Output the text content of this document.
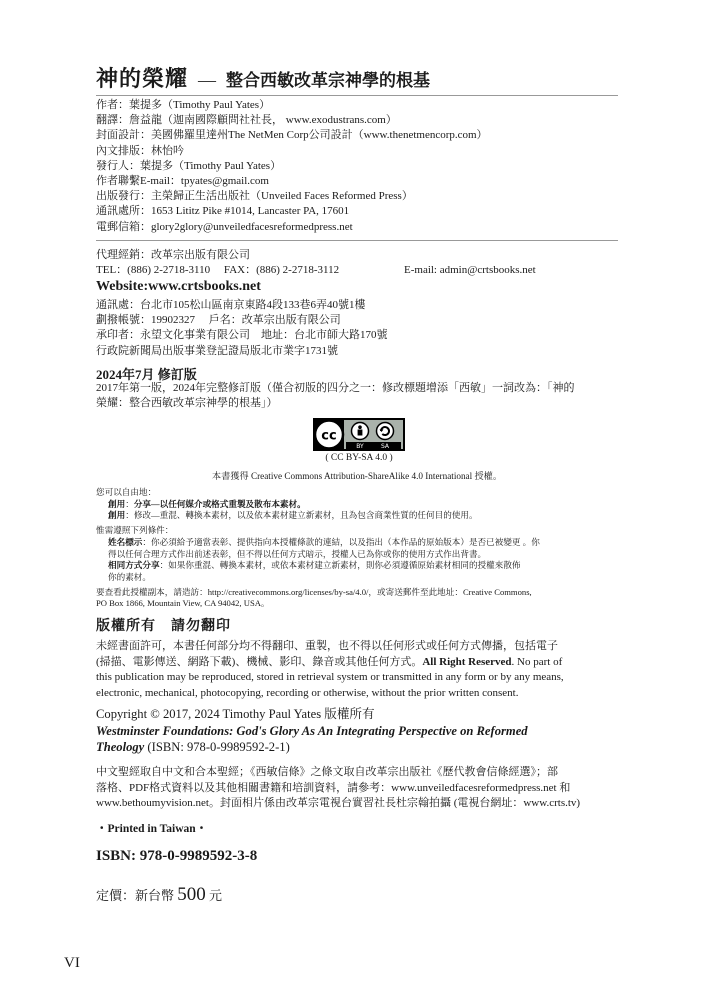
神的榮耀 — 整合西敏改革宗神學的根基
作者：葉提多（Timothy Paul Yates）
翻譯：詹益龍（迦南國際顧問社社長， www.exodustrans.com）
封面設計：美國佛羅里達州The NetMen Corp公司設計（www.thenetmencorp.com）
內文排版：林怡吟
發行人：葉提多（Timothy Paul Yates）
作者聯繫E-mail：tpyates@gmail.com
出版發行：主榮歸正生活出版社（Unveiled Faces Reformed Press）
通訊處所：1653 Lititz Pike #1014, Lancaster PA, 17601
電郵信箱：glory2glory@unveiledfacesreformedpress.net
代理經銷：改革宗出版有限公司
TEL：(886) 2-2718-3110　 FAX：(886) 2-2718-3112	E-mail: admin@crtsbooks.net
Website:www.crtsbooks.net
通訊處：台北市105松山區南京東路4段133巷6弄40號1樓
劃撥帳號：19902327　 戶名：改革宗出版有限公司
承印者：永望文化事業有限公司　地址：台北市師大路170號
行政院新聞局出版事業登記證局版北市業字1731號
2024年7月 修訂版
2017年第一版，2024年完整修訂版（僅合初版的四分之一：修改標題增添「西敏」一詞改為：「神的
榮耀：整合西敏改革宗神學的根基」）
cc
BY	SA
( CC BY-SA 4.0 )
本書獲得 Creative Commons Attribution-ShareAlike 4.0 International 授權。
您可以自由地：
創用：分享—以任何媒介或格式重製及散布本素材。
創用：修改—重混、轉換本素材，以及依本素材建立新素材，且為包含商業性質的任何目的使用。
惟需遵照下列條件：
姓名標示：你必須給予適當表彰、提供指向本授權條款的連結，以及指出（本作品的原始版本）是否已被變更 。你
得以任何合理方式作出前述表彰，但不得以任何方式暗示，授權人已為你或你的使用方式作出背書。
相同方式分享：如果你重混、轉換本素材，或依本素材建立新素材，則你必須遵循原始素材相同的授權來散佈
你的素材。
要查看此授權副本，請造訪：http://creativecommons.org/licenses/by-sa/4.0/，或寄送郵件至此地址：Creative Commons,
PO Box 1866, Mountain View, CA 94042, USA。
版權所有　請勿翻印
未經書面許可，本書任何部分均不得翻印、重製，也不得以任何形式或任何方式傳播，包括電子
(掃描、電影傳送、網路下載)、機械、影印、錄音或其他任何方式。All Right Reserved. No part of
this publication may be reproduced, stored in retrieval system or transmitted in any form or by any means,
electronic, mechanical, photocopying, recording or otherwise, without the prior written consent.
Copyright © 2017, 2024 Timothy Paul Yates 版權所有
Westminster Foundations: God's Glory As An Integrating Perspective on Reformed
Theology (ISBN: 978-0-9989592-2-1)
中文聖經取自中文和合本聖經；《西敏信條》之條文取自改革宗出版社《歷代教會信條經選》；部
落格、PDF格式資料以及其他相關書籍和培訓資料，請參考：www.unveiledfacesreformedpress.net 和
www.bethoumyvision.net。封面相片係由改革宗電視台實習社長杜宗翰拍攝 (電視台網址：www.crts.tv)
・Printed in Taiwan・
ISBN: 978-0-9989592-3-8
定價：新台幣 500 元
VI
